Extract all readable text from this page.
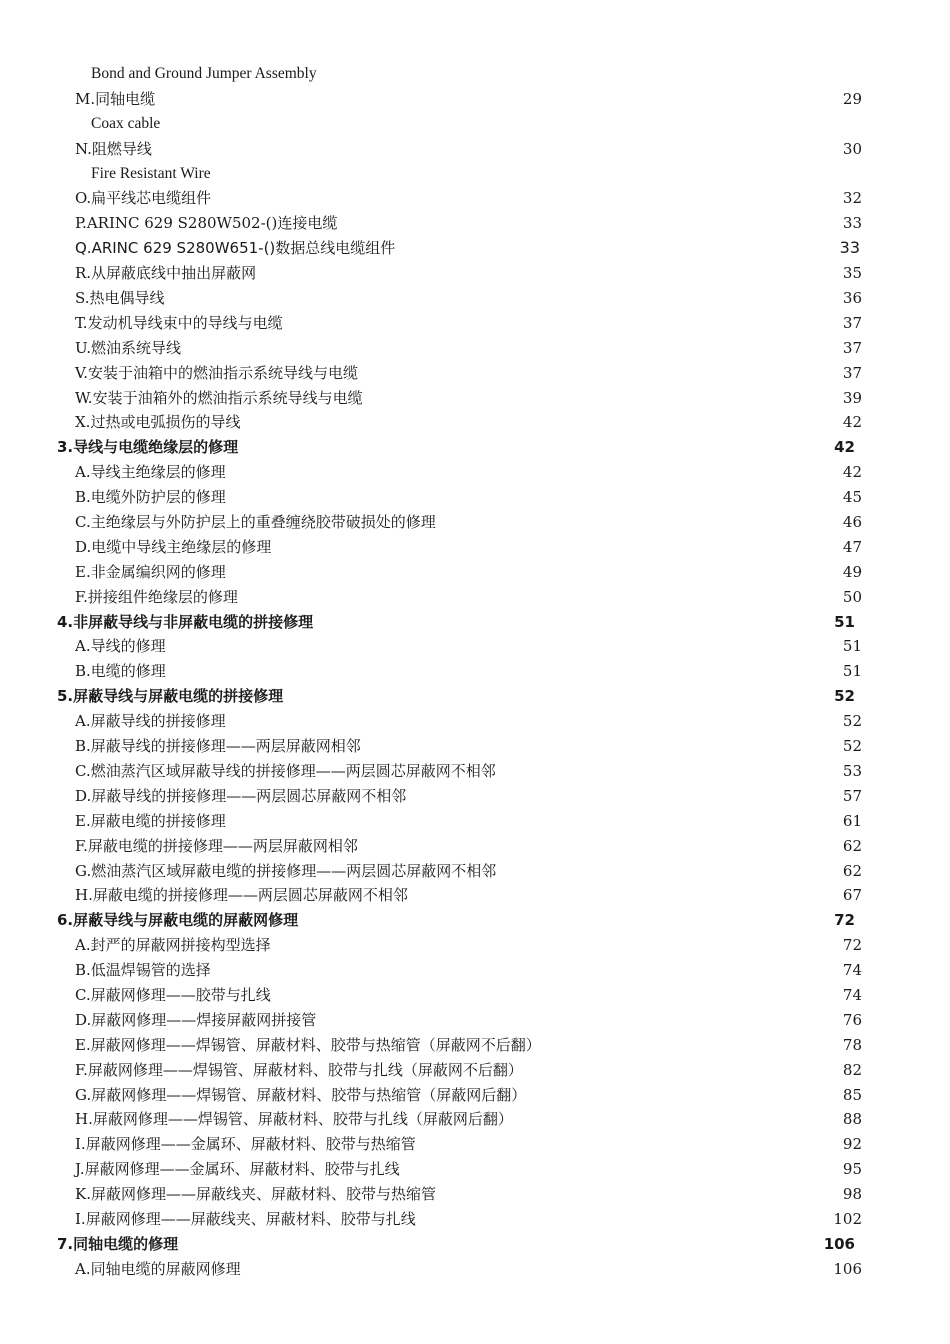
Bond and Ground Jumper Assembly
M.同轴电缆	29
Coax cable
N.阻燃导线	30
Fire Resistant Wire
O.扁平线芯电缆组件	32
P.ARINC 629 S280W502-()连接电缆	33
Q.ARINC 629 S280W651-()数据总线电缆组件	33
R.从屏蔽底线中抽出屏蔽网	35
S.热电偶导线	36
T.发动机导线束中的导线与电缆	37
U.燃油系统导线	37
V.安装于油箱中的燃油指示系统导线与电缆	37
W.安装于油箱外的燃油指示系统导线与电缆	39
X.过热或电弧损伤的导线	42
3.导线与电缆绝缘层的修理	42
A.导线主绝缘层的修理	42
B.电缆外防护层的修理	45
C.主绝缘层与外防护层上的重叠缠绕胶带破损处的修理	46
D.电缆中导线主绝缘层的修理	47
E.非金属编织网的修理	49
F.拼接组件绝缘层的修理	50
4.非屏蔽导线与非屏蔽电缆的拼接修理	51
A.导线的修理	51
B.电缆的修理	51
5.屏蔽导线与屏蔽电缆的拼接修理	52
A.屏蔽导线的拼接修理	52
B.屏蔽导线的拼接修理——两层屏蔽网相邻	52
C.燃油蒸汽区域屏蔽导线的拼接修理——两层圆芯屏蔽网不相邻	53
D.屏蔽导线的拼接修理——两层圆芯屏蔽网不相邻	57
E.屏蔽电缆的拼接修理	61
F.屏蔽电缆的拼接修理——两层屏蔽网相邻	62
G.燃油蒸汽区域屏蔽电缆的拼接修理——两层圆芯屏蔽网不相邻	62
H.屏蔽电缆的拼接修理——两层圆芯屏蔽网不相邻	67
6.屏蔽导线与屏蔽电缆的屏蔽网修理	72
A.封严的屏蔽网拼接构型选择	72
B.低温焊锡管的选择	74
C.屏蔽网修理——胶带与扎线	74
D.屏蔽网修理——焊接屏蔽网拼接管	76
E.屏蔽网修理——焊锡管、屏蔽材料、胶带与热缩管（屏蔽网不后翻）	78
F.屏蔽网修理——焊锡管、屏蔽材料、胶带与扎线（屏蔽网不后翻）	82
G.屏蔽网修理——焊锡管、屏蔽材料、胶带与热缩管（屏蔽网后翻）	85
H.屏蔽网修理——焊锡管、屏蔽材料、胶带与扎线（屏蔽网后翻）	88
I.屏蔽网修理——金属环、屏蔽材料、胶带与热缩管	92
J.屏蔽网修理——金属环、屏蔽材料、胶带与扎线	95
K.屏蔽网修理——屏蔽线夹、屏蔽材料、胶带与热缩管	98
I.屏蔽网修理——屏蔽线夹、屏蔽材料、胶带与扎线	102
7.同轴电缆的修理	106
A.同轴电缆的屏蔽网修理	106
